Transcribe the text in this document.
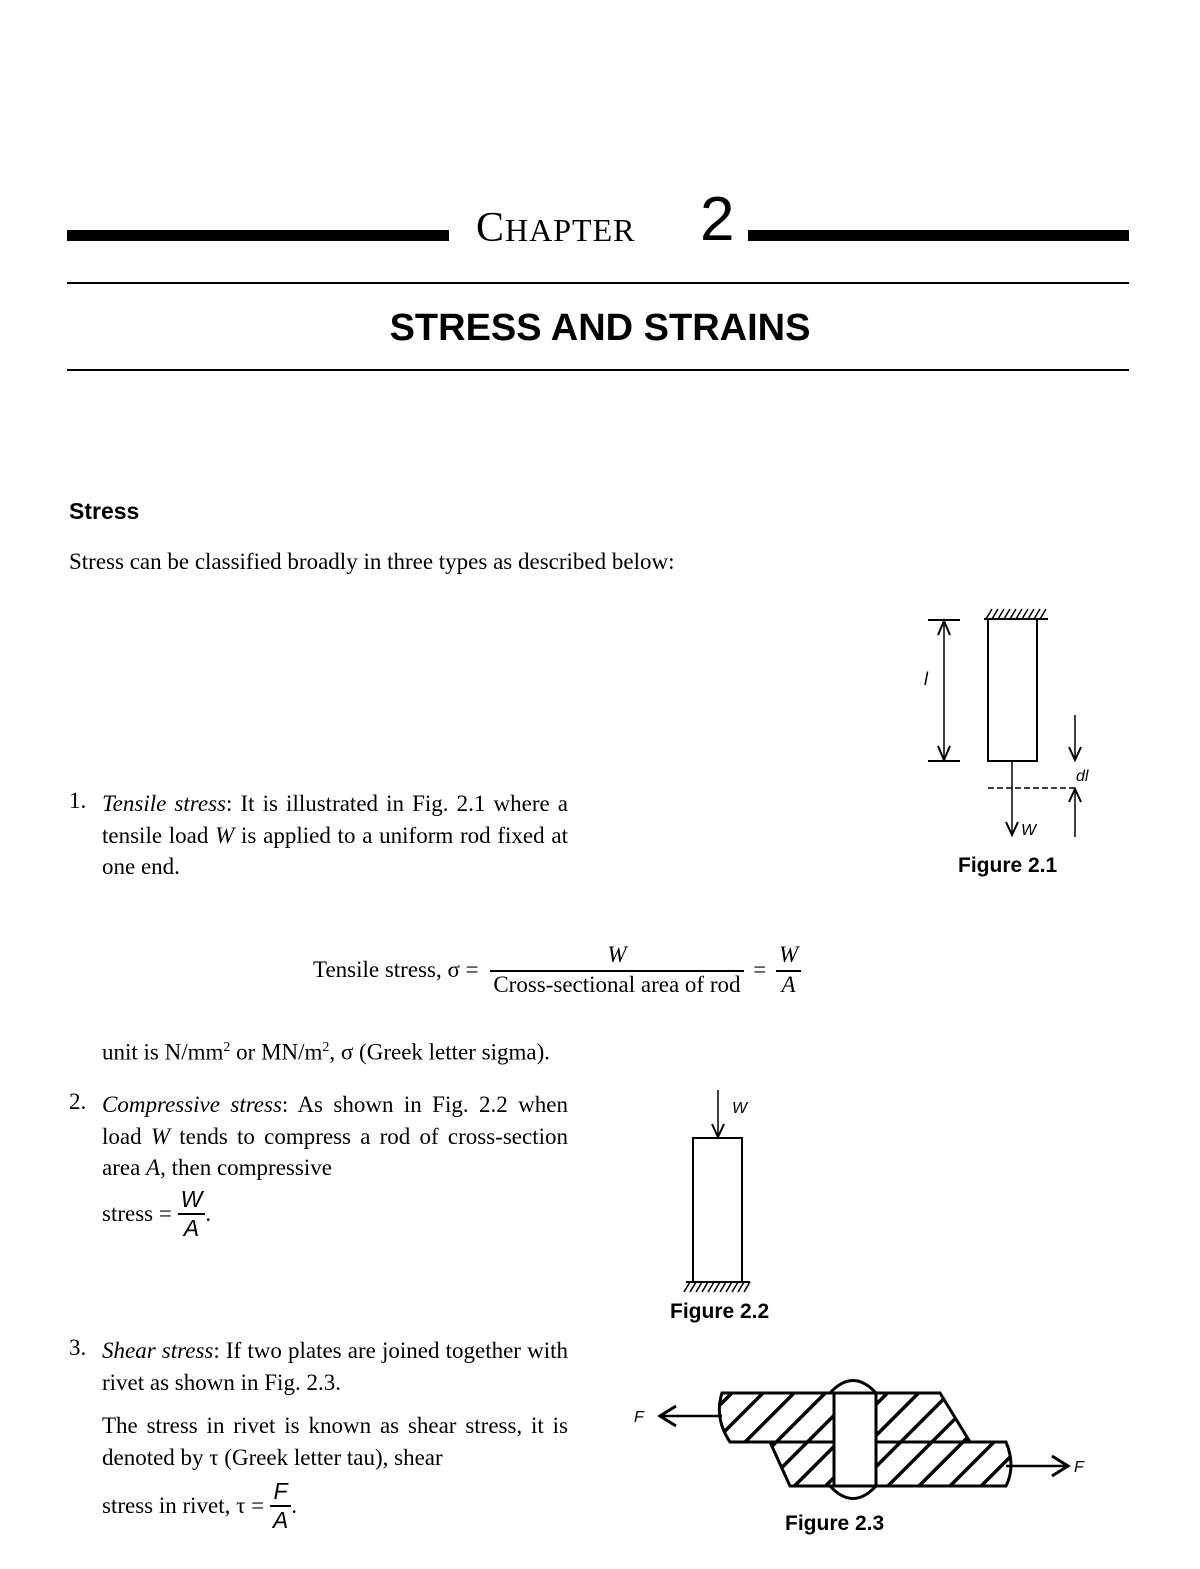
CHAPTER 2
STRESS AND STRAINS
Stress
Stress can be classified broadly in three types as described below:
1. Tensile stress: It is illustrated in Fig. 2.1 where a tensile load W is applied to a uniform rod fixed at one end.
l
W
dl
Figure 2.1
Tensile stress, $\sigma = \frac{W}{\text{Cross-sectional area of rod}} = \frac{W}{A}$
unit is $N/mm^2$ or $MN/m^2$, σ (Greek letter sigma).
2. Compressive stress: As shown in Fig. 2.2 when load W tends to compress a rod of cross-section area A, then compressive
stress = $\frac{W}{A}$ .
W
Figure 2.2
3. Shear stress: If two plates are joined together with rivet as shown in Fig. 2.3.
The stress in rivet is known as shear stress, it is denoted by τ (Greek letter tau), shear
stress in rivet, $\tau = \frac{F}{A}$ .
F
F
Figure 2.3
